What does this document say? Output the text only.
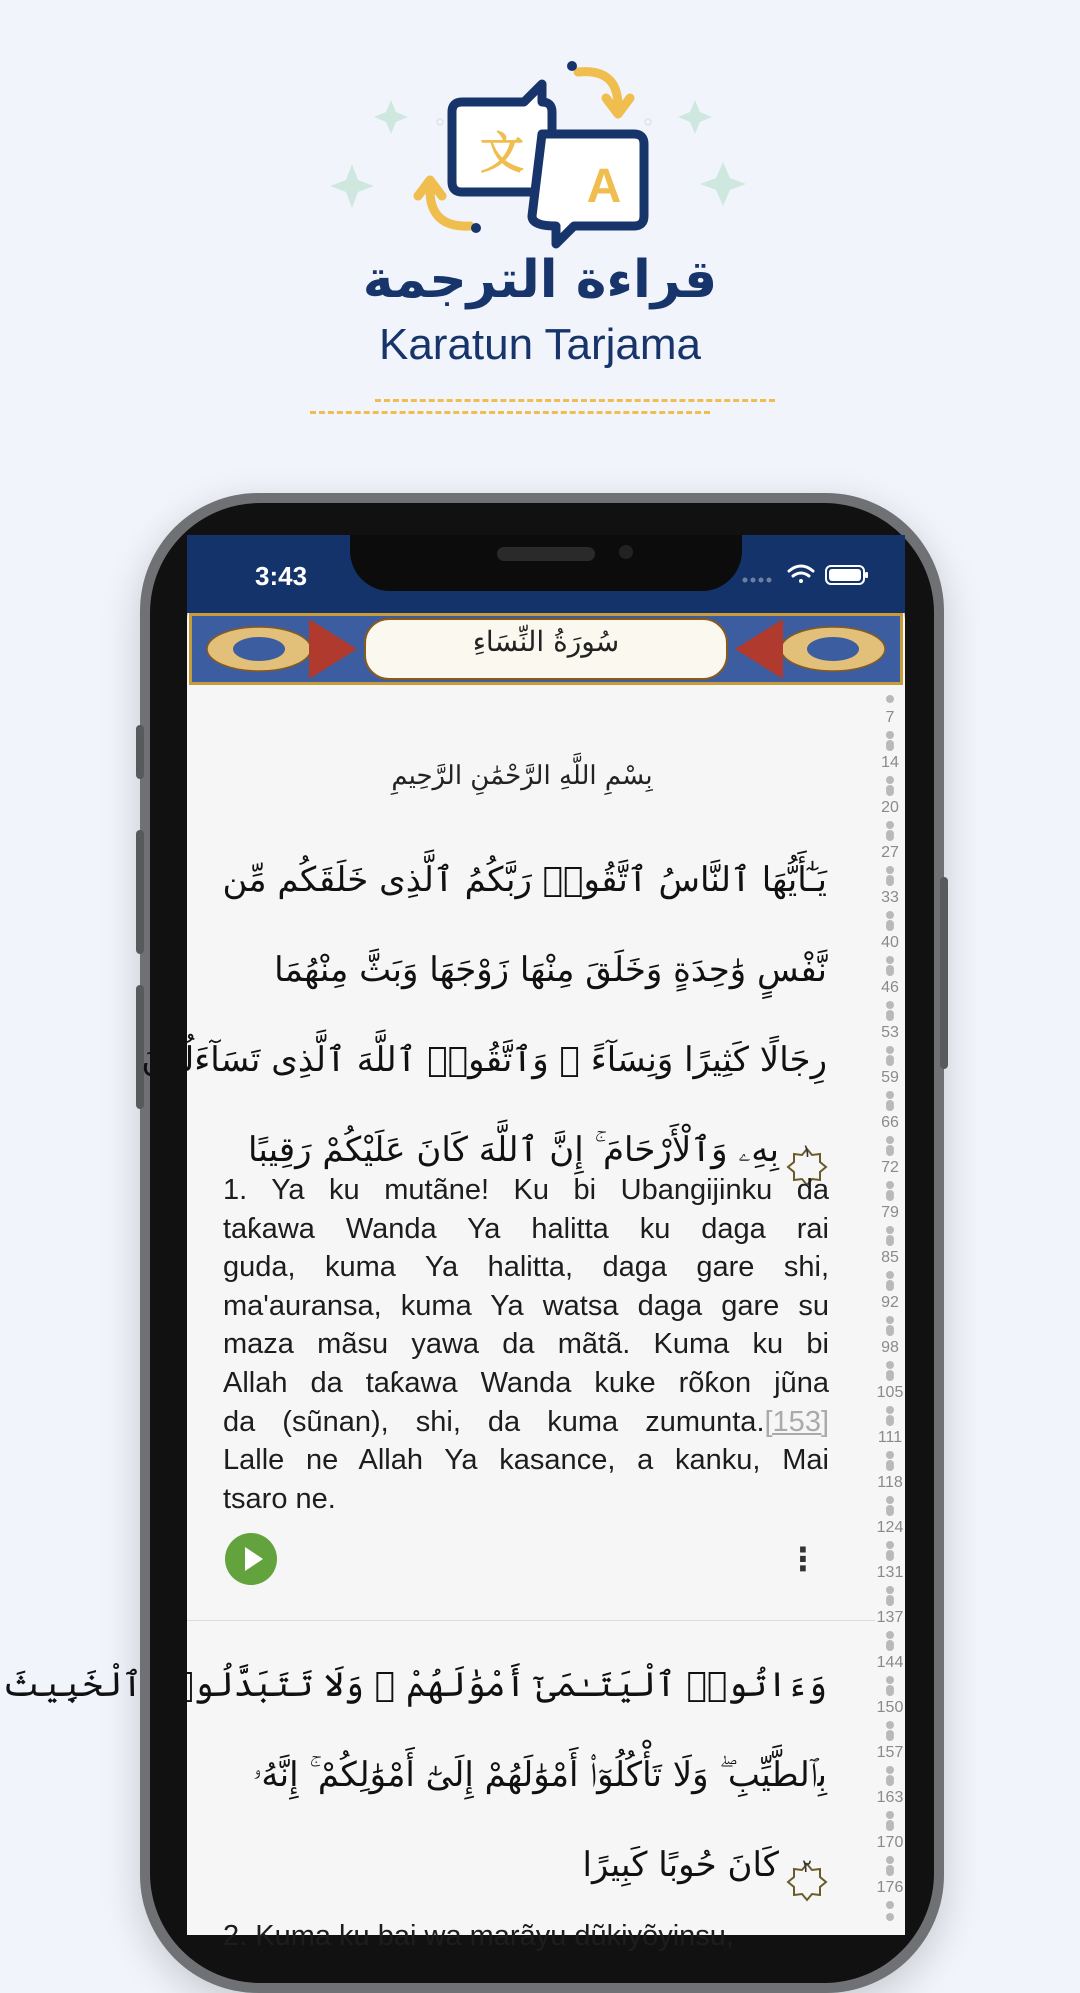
文
A
قراءة الترجمة
Karatun Tarjama
3:43
سُورَةُ النِّسَاءِ
بِسْمِ اللَّهِ الرَّحْمَٰنِ الرَّحِيمِ
يَـٰٓأَيُّهَا ٱلنَّاسُ ٱتَّقُوا۟ رَبَّكُمُ ٱلَّذِى خَلَقَكُم مِّن
نَّفْسٍ وَٰحِدَةٍ وَخَلَقَ مِنْهَا زَوْجَهَا وَبَثَّ مِنْهُمَا
رِجَالًا كَثِيرًا وَنِسَآءً ۚ وَٱتَّقُوا۟ ٱللَّهَ ٱلَّذِى تَسَآءَلُونَ
١
بِهِۦ وَٱلْأَرْحَامَ ۚ إِنَّ ٱللَّهَ كَانَ عَلَيْكُمْ رَقِيبًا
1. Ya ku mutãne! Ku bi Ubangijinku da
taƙawa Wanda Ya halitta ku daga rai
guda, kuma Ya halitta, daga gare shi,
ma'auransa, kuma Ya watsa daga gare su
maza mãsu yawa da mãtã. Kuma ku bi
Allah da taƙawa Wanda kuke rõƙon jũna
da (sũnan), shi, da kuma zumunta.[153]
Lalle ne Allah Ya kasance, a kanku, Mai
tsaro ne.
⋮
وَءَاتُوا۟ ٱلْيَتَـٰمَىٰٓ أَمْوَٰلَهُمْ ۖ وَلَا تَتَبَدَّلُوا۟ ٱلْخَبِيثَ
بِٱلطَّيِّبِ ۖ وَلَا تَأْكُلُوٓا۟ أَمْوَٰلَهُمْ إِلَىٰٓ أَمْوَٰلِكُمْ ۚ إِنَّهُۥ
٢
كَانَ حُوبًا كَبِيرًا
2. Kuma ku bai wa marãyu dũkiyõyinsu,
7
14
20
27
33
40
46
53
59
66
72
79
85
92
98
105
111
118
124
131
137
144
150
157
163
170
176
